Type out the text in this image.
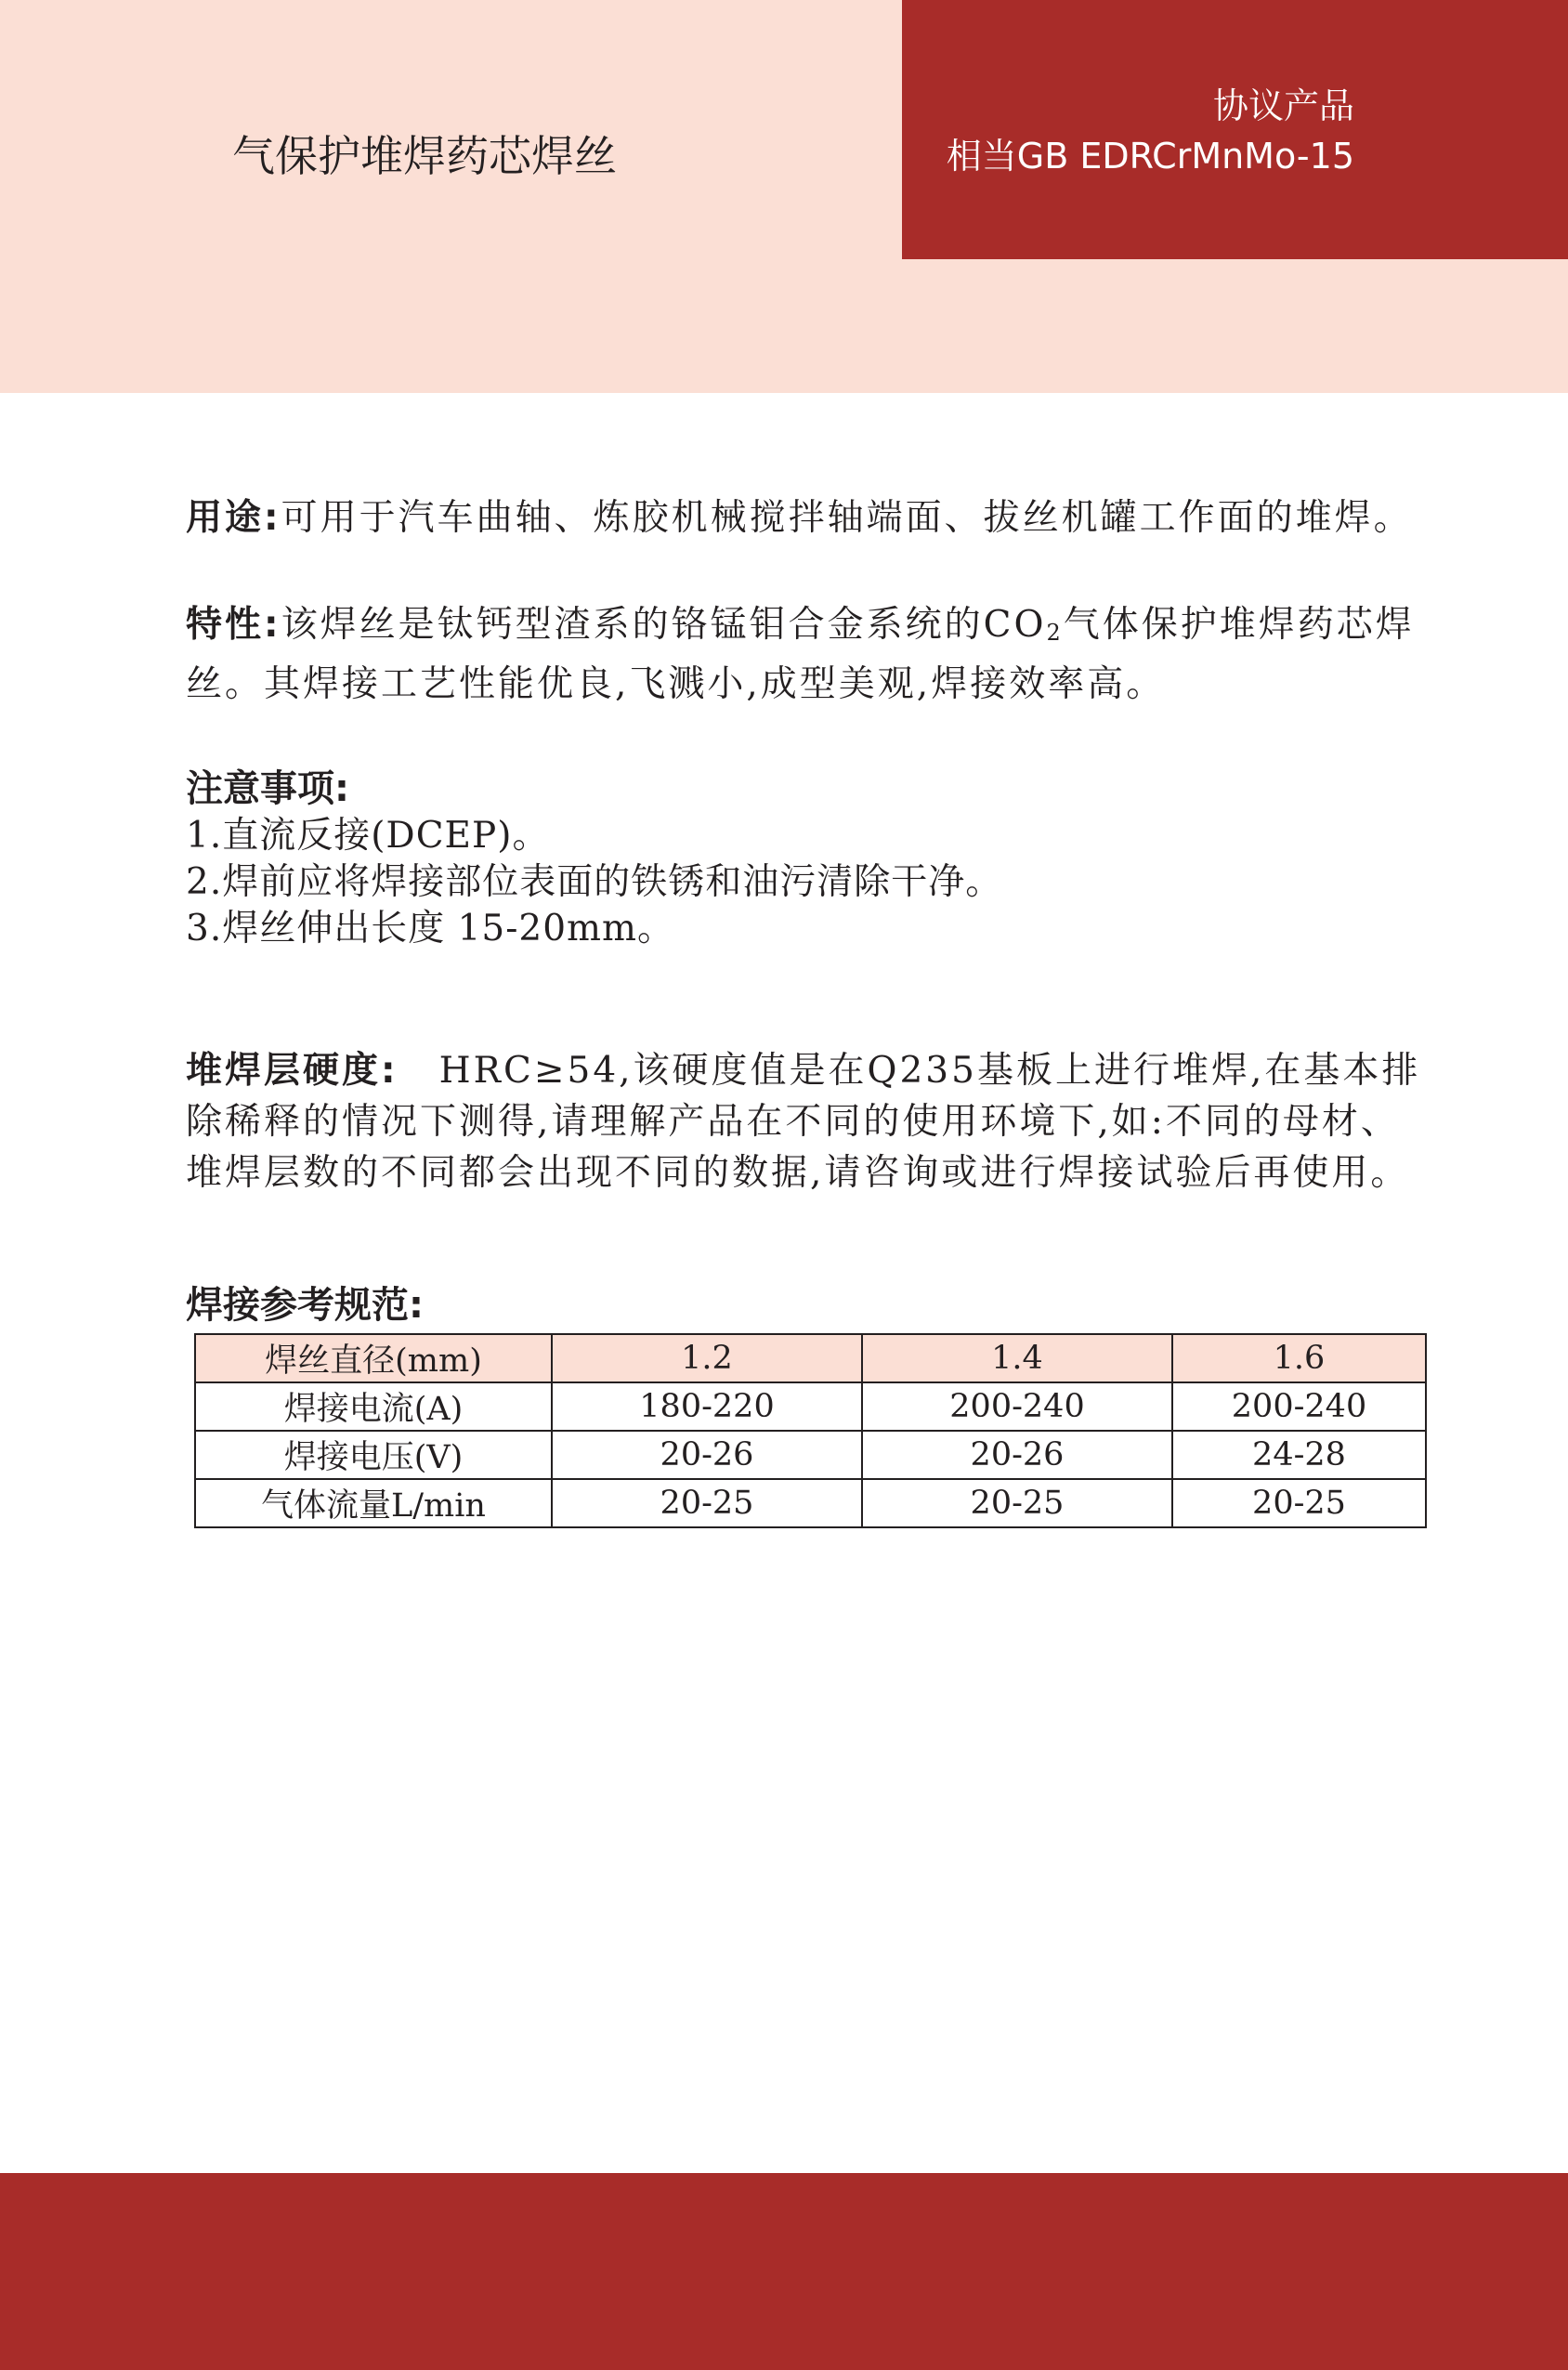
气保护堆焊药芯焊丝
协议产品
相当GB EDRCrMnMo-15
用途:可用于汽车曲轴、炼胶机械搅拌轴端面、拔丝机罐工作面的堆焊。
特性:该焊丝是钛钙型渣系的铬锰钼合金系统的CO2气体保护堆焊药芯焊丝。其焊接工艺性能优良,飞溅小,成型美观,焊接效率高。
注意事项:
1.直流反接(DCEP)。
2.焊前应将焊接部位表面的铁锈和油污清除干净。
3.焊丝伸出长度 15-20mm。
堆焊层硬度: HRC≥54,该硬度值是在Q235基板上进行堆焊,在基本排除稀释的情况下测得,请理解产品在不同的使用环境下,如:不同的母材、堆焊层数的不同都会出现不同的数据,请咨询或进行焊接试验后再使用。
焊接参考规范:
焊丝直径(mm)	1.2	1.4	1.6
焊接电流(A)	180-220	200-240	200-240
焊接电压(V)	20-26	20-26	24-28
气体流量L/min	20-25	20-25	20-25
